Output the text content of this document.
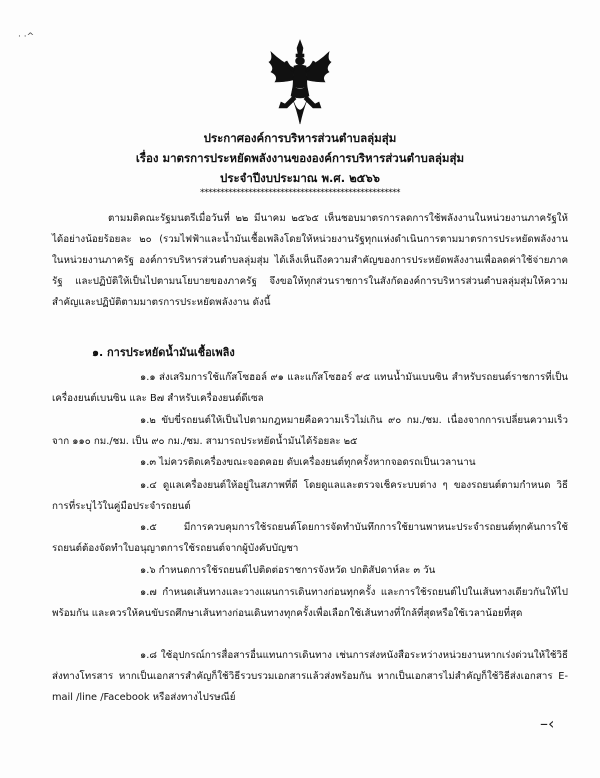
· ·^

ประกาศองค์การบริหารส่วนตำบลลุ่มสุ่ม

เรื่อง มาตรการประหยัดพลังงานขององค์การบริหารส่วนตำบลลุ่มสุ่ม

ประจำปีงบประมาณ พ.ศ. ๒๕๖๖

**************************************************

ตามมติคณะรัฐมนตรีเมื่อวันที่ ๒๒ มีนาคม ๒๕๖๕ เห็นชอบมาตรการลดการใช้พลังงานในหน่วยงานภาครัฐให้ได้อย่างน้อยร้อยละ ๒๐ (รวมไฟฟ้าและน้ำมันเชื้อเพลิงโดยให้หน่วยงานรัฐทุกแห่งดำเนินการตามมาตรการประหยัดพลังงานในหน่วยงานภาครัฐ องค์การบริหารส่วนตำบลลุ่มสุ่ม ได้เล็งเห็นถึงความสำคัญของการประหยัดพลังงานเพื่อลดค่าใช้จ่ายภาครัฐ และปฏิบัติให้เป็นไปตามนโยบายของภาครัฐ จึงขอให้ทุกส่วนราชการในสังกัดองค์การบริหารส่วนตำบลลุ่มสุ่มให้ความสำคัญและปฏิบัติตามมาตรการประหยัดพลังงาน ดังนี้

๑. การประหยัดน้ำมันเชื้อเพลิง

๑.๑ ส่งเสริมการใช้แก๊สโซฮอล์ ๙๑ และแก๊สโซฮอร์ ๙๕ แทนน้ำมันเบนซิน สำหรับรถยนต์ราชการที่เป็นเครื่องยนต์เบนซิน และ B๗ สำหรับเครื่องยนต์ดีเซล

๑.๒ ขับขี่รถยนต์ให้เป็นไปตามกฎหมายคือความเร็วไม่เกิน ๙๐ กม./ชม. เนื่องจากการเปลี่ยนความเร็วจาก ๑๑๐ กม./ชม. เป็น ๙๐ กม./ชม. สามารถประหยัดน้ำมันได้ร้อยละ ๒๕

๑.๓ ไม่ควรติดเครื่องขณะจอดคอย ดับเครื่องยนต์ทุกครั้งหากจอดรถเป็นเวลานาน

๑.๔ ดูแลเครื่องยนต์ให้อยู่ในสภาพที่ดี โดยดูแลและตรวจเช็คระบบต่าง ๆ ของรถยนต์ตามกำหนด วิธีการที่ระบุไว้ในคู่มือประจำรถยนต์

๑.๕ มีการควบคุมการใช้รถยนต์โดยการจัดทำบันทึกการใช้ยานพาหนะประจำรถยนต์ทุกคันการใช้รถยนต์ต้องจัดทำใบอนุญาตการใช้รถยนต์จากผู้บังคับบัญชา

๑.๖ กำหนดการใช้รถยนต์ไปติดต่อราชการจังหวัด ปกติสัปดาห์ละ ๓ วัน

๑.๗ กำหนดเส้นทางและวางแผนการเดินทางก่อนทุกครั้ง และการใช้รถยนต์ไปในเส้นทางเดียวกันให้ไปพร้อมกัน และควรให้คนขับรถศึกษาเส้นทางก่อนเดินทางทุกครั้งเพื่อเลือกใช้เส้นทางที่ใกล้ที่สุดหรือใช้เวลาน้อยที่สุด

๑.๘ ใช้อุปกรณ์การสื่อสารอื่นแทนการเดินทาง เช่นการส่งหนังสือระหว่างหน่วยงานหากเร่งด่วนให้ใช้วิธีส่งทางโทรสาร หากเป็นเอกสารสำคัญก็ใช้วิธีรวบรวมเอกสารแล้วส่งพร้อมกัน หากเป็นเอกสารไม่สำคัญก็ใช้วิธีส่งเอกสาร E-mail /line /Facebook หรือส่งทางไปรษณีย์

–‹
